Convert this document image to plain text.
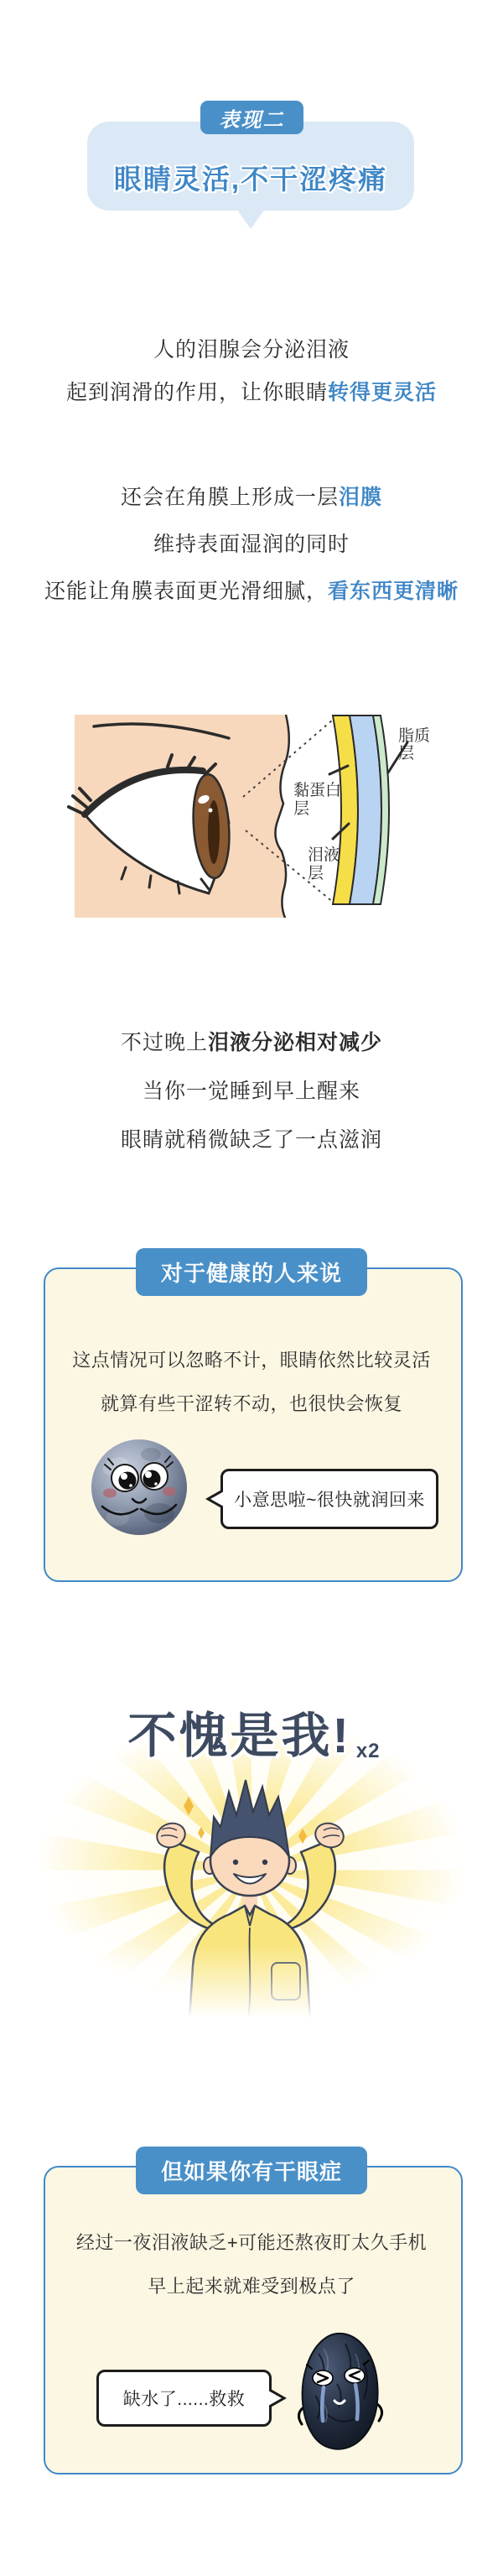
表现二
眼睛灵活,不干涩疼痛
人的泪腺会分泌泪液
起到润滑的作用，让你眼睛转得更灵活
还会在角膜上形成一层泪膜
维持表面湿润的同时
还能让角膜表面更光滑细腻，看东西更清晰
脂质
层
黏蛋白
层
泪液
层
不过晚上泪液分泌相对减少
当你一觉睡到早上醒来
眼睛就稍微缺乏了一点滋润
对于健康的人来说
这点情况可以忽略不计，眼睛依然比较灵活
就算有些干涩转不动，也很快会恢复
小意思啦~很快就润回来
不愧是我! x2
但如果你有干眼症
经过一夜泪液缺乏+可能还熬夜盯太久手机
早上起来就难受到极点了
缺水了......救救
